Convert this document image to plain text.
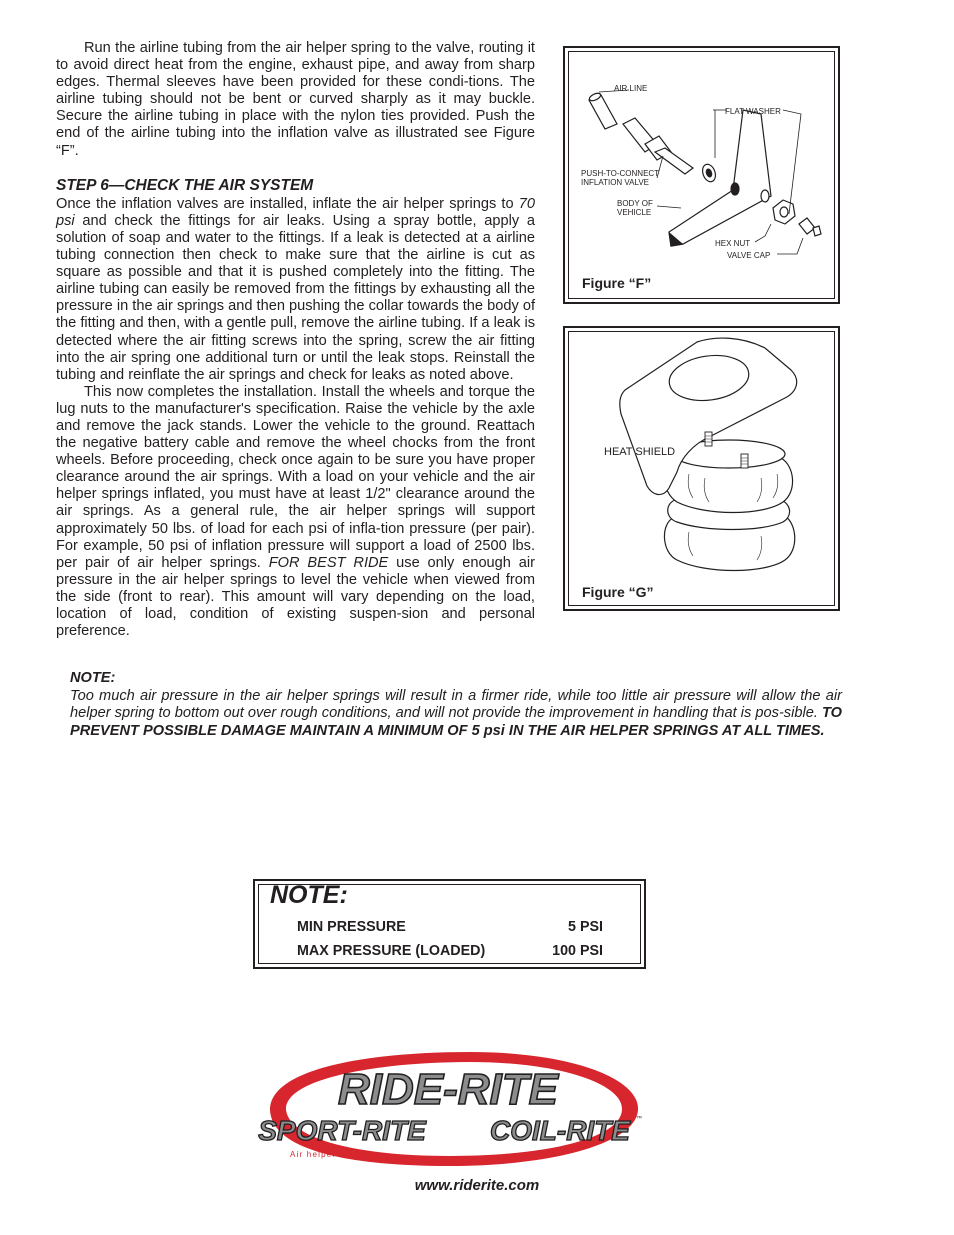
Run the airline tubing from the air helper spring to the valve, routing it to avoid direct heat from the engine, exhaust pipe, and away from sharp edges. Thermal sleeves have been provided for these condi-tions. The airline tubing should not be bent or curved sharply as it may buckle. Secure the airline tubing in place with the nylon ties provided. Push the end of the airline tubing into the inflation valve as illustrated see Figure “F”.

STEP 6—CHECK THE AIR SYSTEM

Once the inflation valves are installed, inflate the air helper springs to 70 psi and check the fittings for air leaks. Using a spray bottle, apply a solution of soap and water to the fittings. If a leak is detected at a airline tubing connection then check to make sure that the airline is cut as square as possible and that it is pushed completely into the fitting. The airline tubing can easily be removed from the fittings by exhausting all the pressure in the air springs and then pushing the collar towards the body of the fitting and then, with a gentle pull, remove the airline tubing. If a leak is detected where the air fitting screws into the spring, screw the air fitting into the air spring one additional turn or until the leak stops. Reinstall the tubing and reinflate the air springs and check for leaks as noted above.

This now completes the installation. Install the wheels and torque the lug nuts to the manufacturer's specification. Raise the vehicle by the axle and remove the jack stands. Lower the vehicle to the ground. Reattach the negative battery cable and remove the wheel chocks from the front wheels. Before proceeding, check once again to be sure you have proper clearance around the air springs. With a load on your vehicle and the air helper springs inflated, you must have at least 1/2" clearance around the air springs. As a general rule, the air helper springs will support approximately 50 lbs. of load for each psi of infla-tion pressure (per pair). For example, 50 psi of inflation pressure will support a load of 2500 lbs. per pair of air helper springs. FOR BEST RIDE use only enough air pressure in the air helper springs to level the vehicle when viewed from the side (front to rear). This amount will vary depending on the load, location of load, condition of existing suspen-sion and personal preference.

AIR LINE
FLAT WASHER
PUSH-TO-CONNECT
INFLATION VALVE
BODY OF
VEHICLE
HEX NUT
VALVE CAP
Figure “F”
HEAT SHIELD
Figure “G”
NOTE:
Too much air pressure in the air helper springs will result in a firmer ride, while too little air pressure will allow the air helper spring to bottom out over rough conditions, and will not provide the improvement in handling that is pos-sible. TO PREVENT POSSIBLE DAMAGE MAINTAIN A MINIMUM OF 5 psi IN THE AIR HELPER SPRINGS AT ALL TIMES.
NOTE:
MIN PRESSURE	5 PSI
MAX PRESSURE (LOADED)	100 PSI
RIDE-RITE
SPORT-RITE COIL-RITE ™
Air helper springs
www.riderite.com
